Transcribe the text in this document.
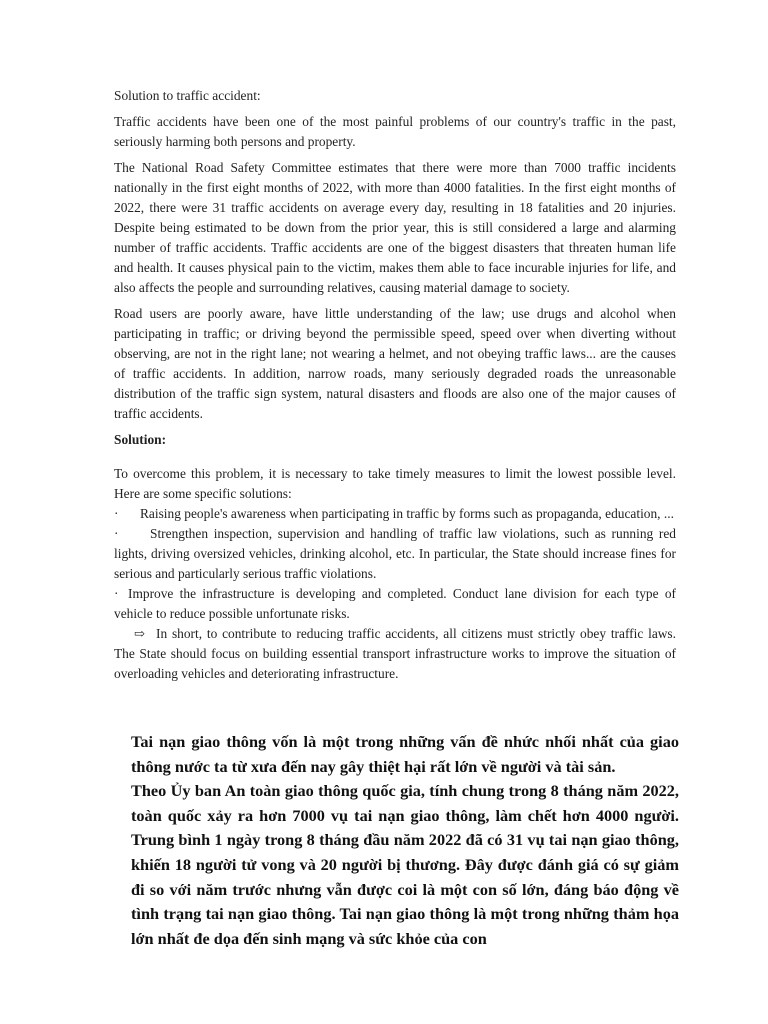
Solution to traffic accident:

Traffic accidents have been one of the most painful problems of our country's traffic in the past, seriously harming both persons and property.

The National Road Safety Committee estimates that there were more than 7000 traffic incidents nationally in the first eight months of 2022, with more than 4000 fatalities. In the first eight months of 2022, there were 31 traffic accidents on average every day, resulting in 18 fatalities and 20 injuries. Despite being estimated to be down from the prior year, this is still considered a large and alarming number of traffic accidents. Traffic accidents are one of the biggest disasters that threaten human life and health. It causes physical pain to the victim, makes them able to face incurable injuries for life, and also affects the people and surrounding relatives, causing material damage to society.

Road users are poorly aware, have little understanding of the law; use drugs and alcohol when participating in traffic; or driving beyond the permissible speed, speed over when diverting without observing, are not in the right lane; not wearing a helmet, and not obeying traffic laws... are the causes of traffic accidents. In addition, narrow roads, many seriously degraded roads the unreasonable distribution of the traffic sign system, natural disasters and floods are also one of the major causes of traffic accidents.

Solution:

To overcome this problem, it is necessary to take timely measures to limit the lowest possible level. Here are some specific solutions:

· Raising people's awareness when participating in traffic by forms such as propaganda, education, ...

· Strengthen inspection, supervision and handling of traffic law violations, such as running red lights, driving oversized vehicles, drinking alcohol, etc. In particular, the State should increase fines for serious and particularly serious traffic violations.

· Improve the infrastructure is developing and completed. Conduct lane division for each type of vehicle to reduce possible unfortunate risks.

⇨ In short, to contribute to reducing traffic accidents, all citizens must strictly obey traffic laws. The State should focus on building essential transport infrastructure works to improve the situation of overloading vehicles and deteriorating infrastructure.

Tai nạn giao thông vốn là một trong những vấn đề nhức nhối nhất của giao thông nước ta từ xưa đến nay gây thiệt hại rất lớn về người và tài sản.

Theo Ủy ban An toàn giao thông quốc gia, tính chung trong 8 tháng năm 2022, toàn quốc xảy ra hơn 7000 vụ tai nạn giao thông, làm chết hơn 4000 người. Trung bình 1 ngày trong 8 tháng đầu năm 2022 đã có 31 vụ tai nạn giao thông, khiến 18 người tử vong và 20 người bị thương. Đây được đánh giá có sự giảm đi so với năm trước nhưng vẫn được coi là một con số lớn, đáng báo động về tình trạng tai nạn giao thông. Tai nạn giao thông là một trong những thảm họa lớn nhất đe dọa đến sinh mạng và sức khỏe của con
